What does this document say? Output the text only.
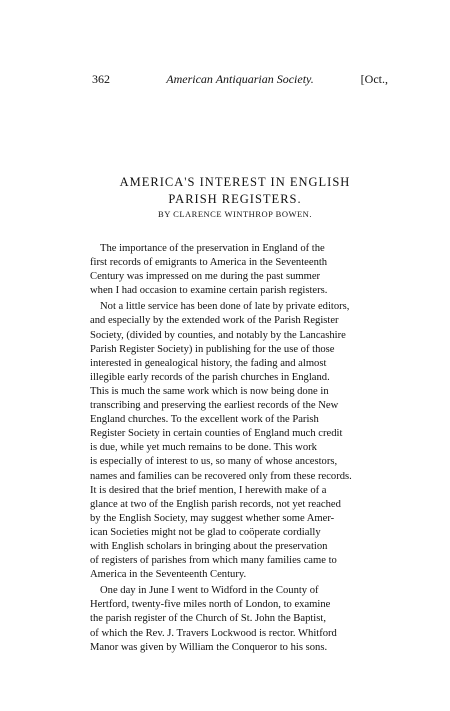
362	American Antiquarian Society.	[Oct.,
AMERICA'S INTEREST IN ENGLISH
PARISH REGISTERS.
BY CLARENCE WINTHROP BOWEN.
The importance of the preservation in England of the
first records of emigrants to America in the Seventeenth
Century was impressed on me during the past summer
when I had occasion to examine certain parish registers.
Not a little service has been done of late by private editors,
and especially by the extended work of the Parish Register
Society, (divided by counties, and notably by the Lancashire
Parish Register Society) in publishing for the use of those
interested in genealogical history, the fading and almost
illegible early records of the parish churches in England.
This is much the same work which is now being done in
transcribing and preserving the earliest records of the New
England churches. To the excellent work of the Parish
Register Society in certain counties of England much credit
is due, while yet much remains to be done. This work
is especially of interest to us, so many of whose ancestors,
names and families can be recovered only from these records.
It is desired that the brief mention, I herewith make of a
glance at two of the English parish records, not yet reached
by the English Society, may suggest whether some Amer-
ican Societies might not be glad to coöperate cordially
with English scholars in bringing about the preservation
of registers of parishes from which many families came to
America in the Seventeenth Century.
One day in June I went to Widford in the County of
Hertford, twenty-five miles north of London, to examine
the parish register of the Church of St. John the Baptist,
of which the Rev. J. Travers Lockwood is rector. Whitford
Manor was given by William the Conqueror to his sons.
